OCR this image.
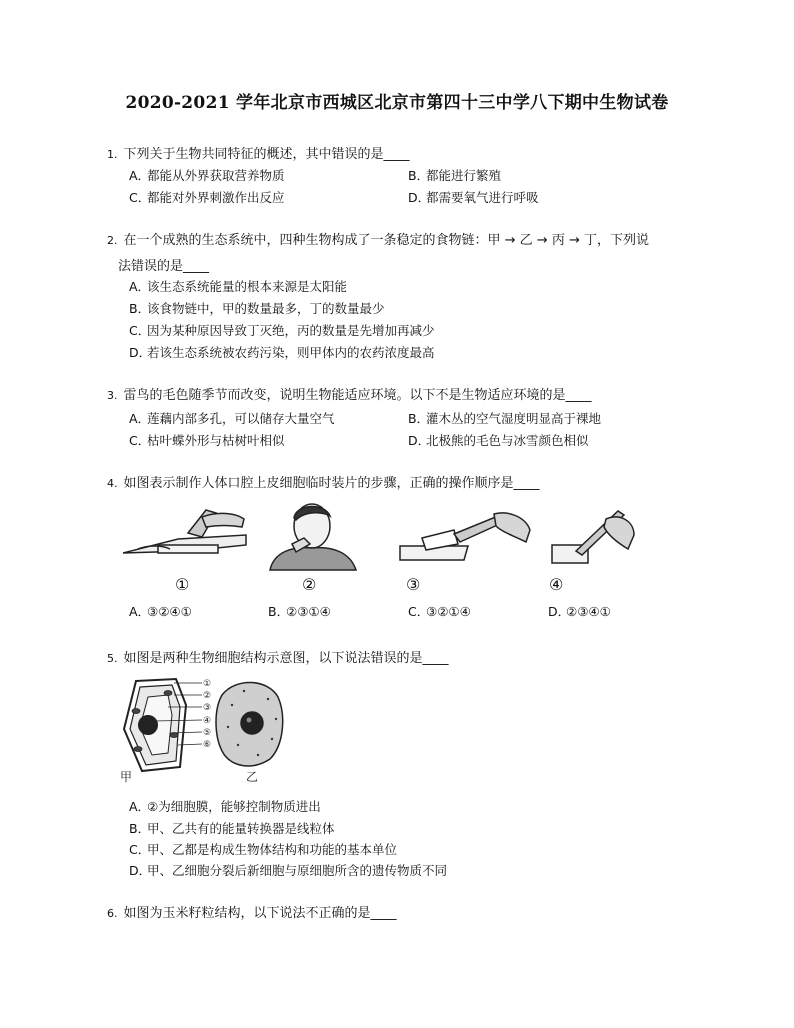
2020-2021 学年北京市西城区北京市第四十三中学八下期中生物试卷
1. 下列关于生物共同特征的概述，其中错误的是____
A．都能从外界获取营养物质	B．都能进行繁殖
C．都能对外界刺激作出反应	D．都需要氧气进行呼吸
2. 在一个成熟的生态系统中，四种生物构成了一条稳定的食物链：甲 → 乙 → 丙 → 丁，下列说
法错误的是____
A．该生态系统能量的根本来源是太阳能
B．该食物链中，甲的数量最多，丁的数量最少
C．因为某种原因导致丁灭绝，丙的数量是先增加再减少
D．若该生态系统被农药污染，则甲体内的农药浓度最高
3. 雷鸟的毛色随季节而改变，说明生物能适应环境。以下不是生物适应环境的是____
A．莲藕内部多孔，可以储存大量空气	B．灌木丛的空气湿度明显高于裸地
C．枯叶蝶外形与枯树叶相似	D．北极熊的毛色与冰雪颜色相似
4. 如图表示制作人体口腔上皮细胞临时装片的步骤，正确的操作顺序是____
①	②	③	④
A．③②④①	B．②③①④	C．③②①④	D．②③④①
5. 如图是两种生物细胞结构示意图，以下说法错误的是____
①
②
③
④
⑤
⑥
甲	乙
A．②为细胞膜，能够控制物质进出
B．甲、乙共有的能量转换器是线粒体
C．甲、乙都是构成生物体结构和功能的基本单位
D．甲、乙细胞分裂后新细胞与原细胞所含的遗传物质不同
6. 如图为玉米籽粒结构，以下说法不正确的是____
